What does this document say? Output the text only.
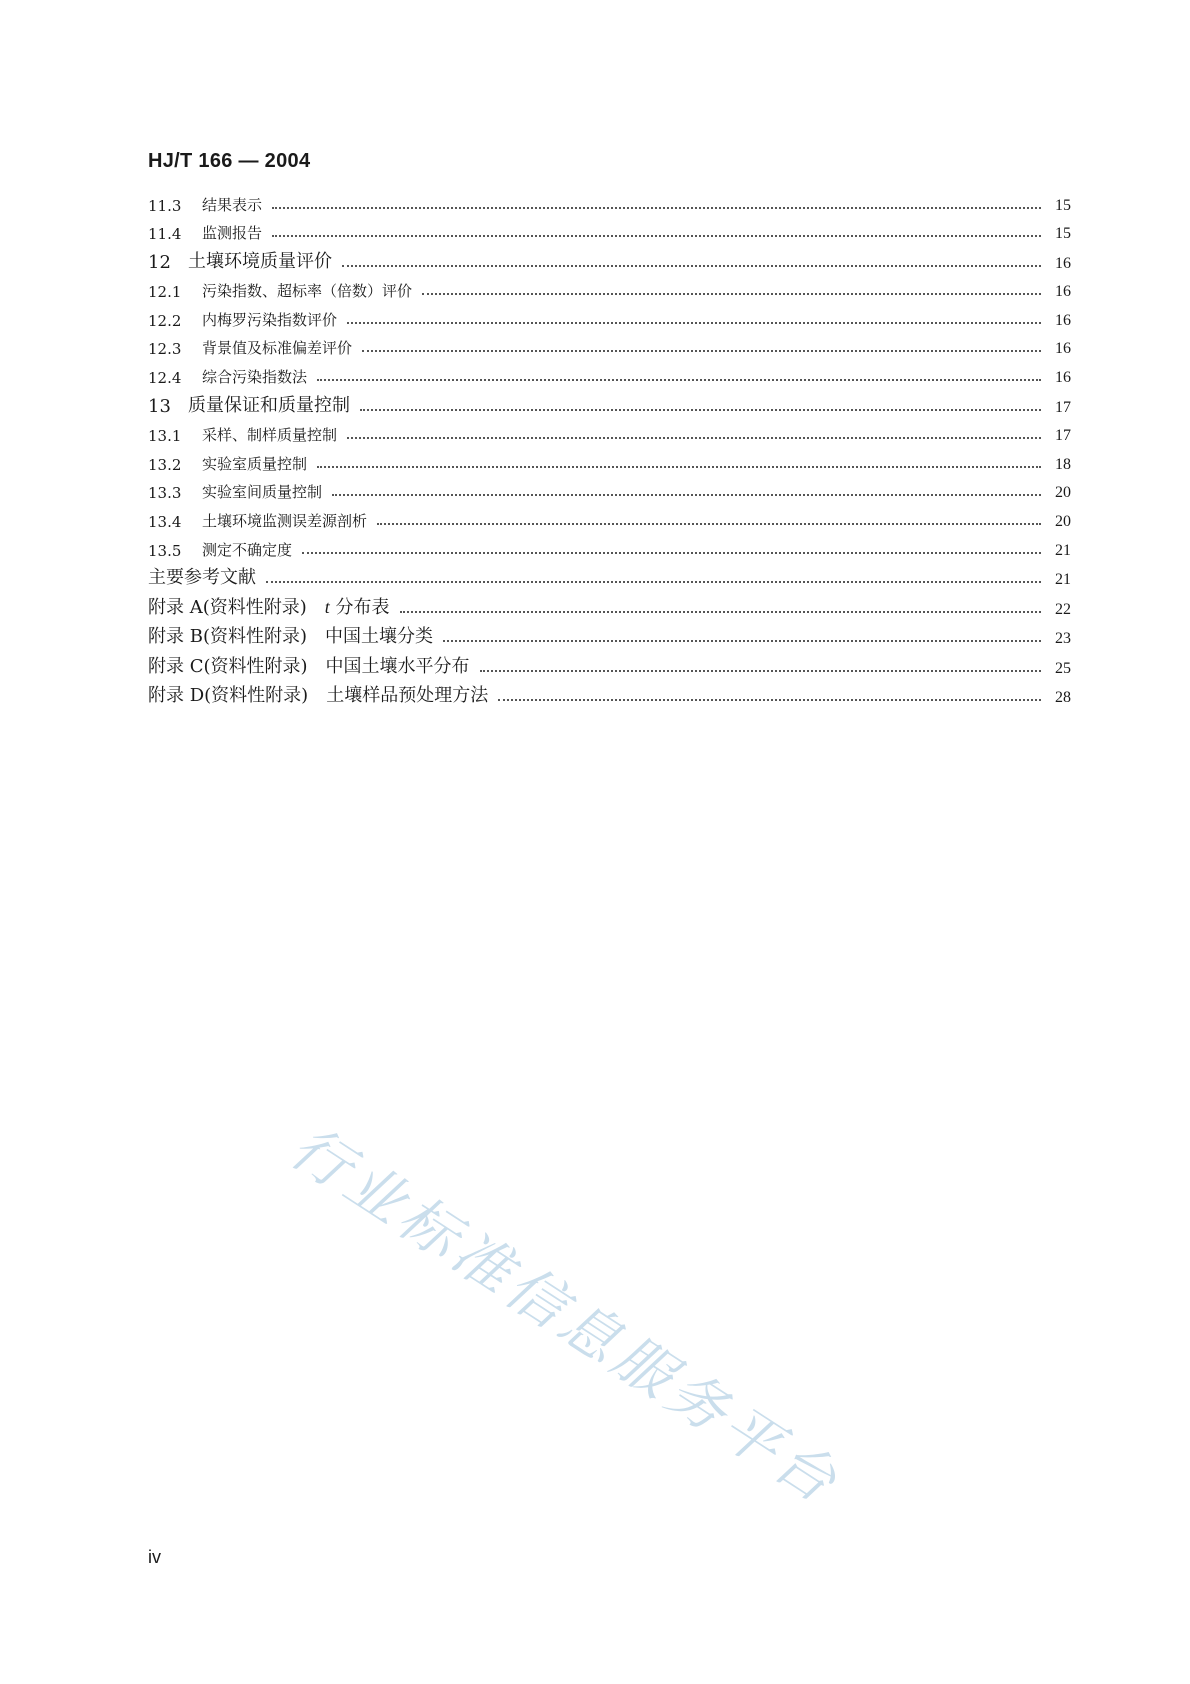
HJ/T 166 — 2004
11.3	结果表示	15
11.4	监测报告	15
12 土壤环境质量评价	16
12.1	污染指数、超标率（倍数）评价	16
12.2	内梅罗污染指数评价	16
12.3	背景值及标准偏差评价	16
12.4	综合污染指数法	16
13 质量保证和质量控制	17
13.1	采样、制样质量控制	17
13.2	实验室质量控制	18
13.3	实验室间质量控制	20
13.4	土壤环境监测误差源剖析	20
13.5	测定不确定度	21
主要参考文献	21
附录 A(资料性附录)　t 分布表	22
附录 B(资料性附录)　中国土壤分类	23
附录 C(资料性附录)　中国土壤水平分布	25
附录 D(资料性附录)　土壤样品预处理方法	28
行业标准信息服务平台
iv
